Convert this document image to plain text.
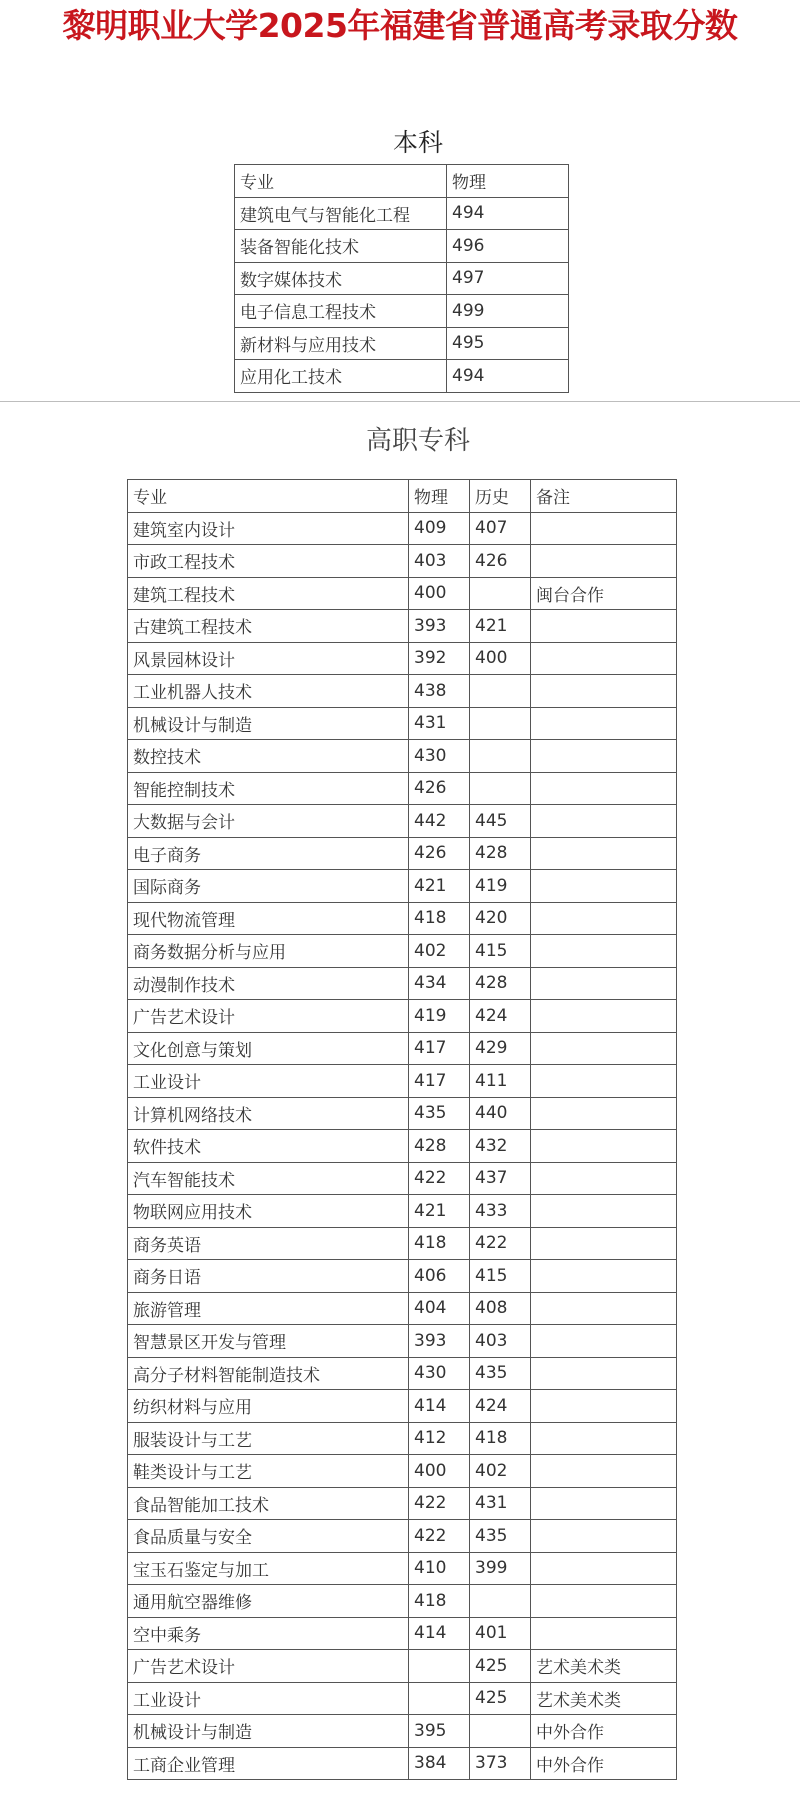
黎明职业大学2025年福建省普通高考录取分数
本科
专业	物理
建筑电气与智能化工程	494
装备智能化技术	496
数字媒体技术	497
电子信息工程技术	499
新材料与应用技术	495
应用化工技术	494
高职专科
专业	物理	历史	备注
建筑室内设计	409	407	
市政工程技术	403	426	
建筑工程技术	400		闽台合作
古建筑工程技术	393	421	
风景园林设计	392	400	
工业机器人技术	438		
机械设计与制造	431		
数控技术	430		
智能控制技术	426		
大数据与会计	442	445	
电子商务	426	428	
国际商务	421	419	
现代物流管理	418	420	
商务数据分析与应用	402	415	
动漫制作技术	434	428	
广告艺术设计	419	424	
文化创意与策划	417	429	
工业设计	417	411	
计算机网络技术	435	440	
软件技术	428	432	
汽车智能技术	422	437	
物联网应用技术	421	433	
商务英语	418	422	
商务日语	406	415	
旅游管理	404	408	
智慧景区开发与管理	393	403	
高分子材料智能制造技术	430	435	
纺织材料与应用	414	424	
服装设计与工艺	412	418	
鞋类设计与工艺	400	402	
食品智能加工技术	422	431	
食品质量与安全	422	435	
宝玉石鉴定与加工	410	399	
通用航空器维修	418		
空中乘务	414	401	
广告艺术设计		425	艺术美术类
工业设计		425	艺术美术类
机械设计与制造	395		中外合作
工商企业管理	384	373	中外合作
